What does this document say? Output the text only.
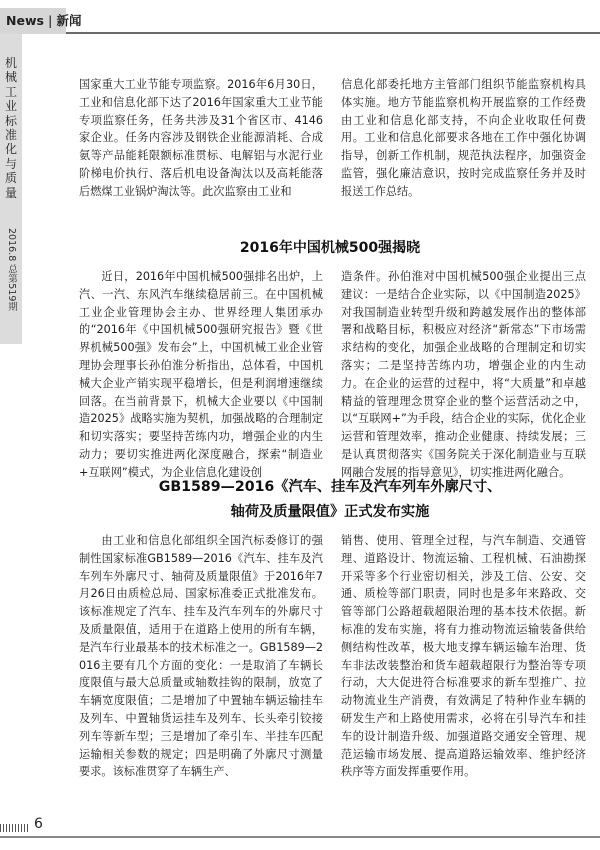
News | 新闻
机械工业标准化与质量
2016.8 总第519期

国家重大工业节能专项监察。2016年6月30日，工业和信息化部下达了2016年国家重大工业节能专项监察任务，任务共涉及31个省区市、4146家企业。任务内容涉及钢铁企业能源消耗、合成氨等产品能耗限额标准贯标、电解铝与水泥行业阶梯电价执行、落后机电设备淘汰以及高耗能落后燃煤工业锅炉淘汰等。此次监察由工业和

信息化部委托地方主管部门组织节能监察机构具体实施。地方节能监察机构开展监察的工作经费由工业和信息化部支持，不向企业收取任何费用。工业和信息化部要求各地在工作中强化协调指导，创新工作机制，规范执法程序，加强资金监管，强化廉洁意识，按时完成监察任务并及时报送工作总结。

2016年中国机械500强揭晓

近日，2016年中国机械500强排名出炉，上汽、一汽、东风汽车继续稳居前三。在中国机械工业企业管理协会主办、世界经理人集团承办的“2016年《中国机械500强研究报告》暨《世界机械500强》发布会”上，中国机械工业企业管理协会理事长孙伯淮分析指出，总体看，中国机械大企业产销实现平稳增长，但是利润增速继续回落。在当前背景下，机械大企业要以《中国制造2025》战略实施为契机，加强战略的合理制定和切实落实；要坚持苦练内功，增强企业的内生动力；要切实推进两化深度融合，探索“制造业+互联网”模式，为企业信息化建设创

造条件。孙伯淮对中国机械500强企业提出三点建议：一是结合企业实际，以《中国制造2025》对我国制造业转型升级和跨越发展作出的整体部署和战略目标，积极应对经济“新常态”下市场需求结构的变化，加强企业战略的合理制定和切实落实；二是坚持苦练内功，增强企业的内生动力。在企业的运营的过程中，将“大质量”和卓越精益的管理理念贯穿企业的整个运营活动之中，以“互联网+”为手段，结合企业的实际，优化企业运营和管理效率，推动企业健康、持续发展；三是认真贯彻落实《国务院关于深化制造业与互联网融合发展的指导意见》，切实推进两化融合。

GB1589—2016《汽车、挂车及汽车列车外廓尺寸、
轴荷及质量限值》正式发布实施

由工业和信息化部组织全国汽标委修订的强制性国家标准GB1589—2016《汽车、挂车及汽车列车外廓尺寸、轴荷及质量限值》于2016年7月26日由质检总局、国家标准委正式批准发布。该标准规定了汽车、挂车及汽车列车的外廓尺寸及质量限值，适用于在道路上使用的所有车辆，是汽车行业最基本的技术标准之一。GB1589—2016主要有几个方面的变化：一是取消了车辆长度限值与最大总质量或轴数挂钩的限制，放宽了车辆宽度限值；二是增加了中置轴车辆运输挂车及列车、中置轴货运挂车及列车、长头牵引铰接列车等新车型；三是增加了牵引车、半挂车匹配运输相关参数的规定；四是明确了外廓尺寸测量要求。该标准贯穿了车辆生产、

销售、使用、管理全过程，与汽车制造、交通管理、道路设计、物流运输、工程机械、石油勘探开采等多个行业密切相关，涉及工信、公安、交通、质检等部门职责，同时也是多年来路政、交管等部门公路超载超限治理的基本技术依据。新标准的发布实施，将有力推动物流运输装备供给侧结构性改革，极大地支撑车辆运输车治理、货车非法改装整治和货车超载超限行为整治等专项行动，大大促进符合标准要求的新车型推广、拉动物流业生产消费，有效满足了特种作业车辆的研发生产和上路使用需求，必将在引导汽车和挂车的设计制造升级、加强道路交通安全管理、规范运输市场发展、提高道路运输效率、维护经济秩序等方面发挥重要作用。

6
